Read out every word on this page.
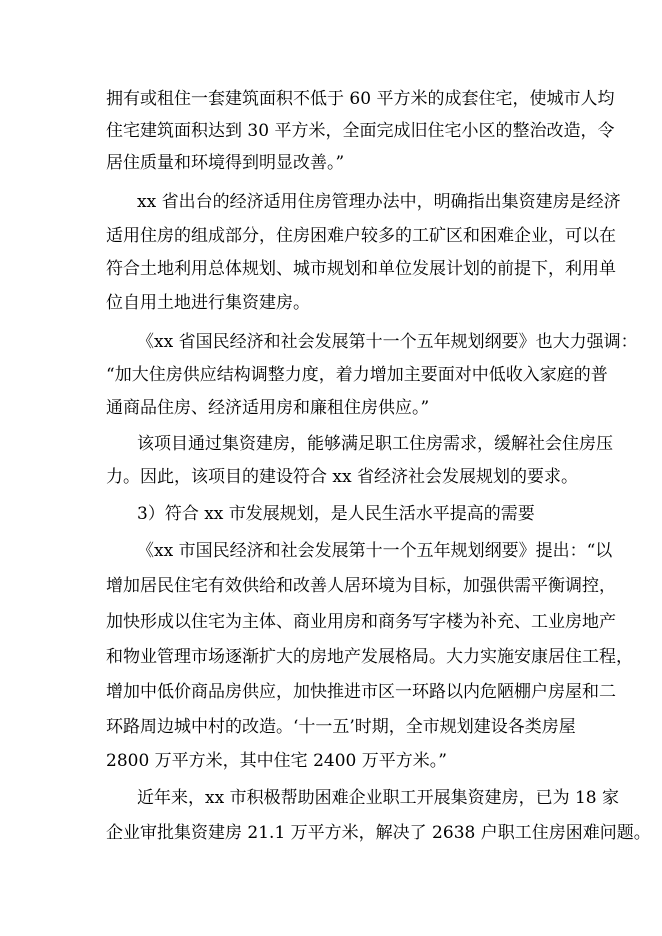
拥有或租住一套建筑面积不低于 60 平方米的成套住宅，使城市人均
住宅建筑面积达到 30 平方米，全面完成旧住宅小区的整治改造，令
居住质量和环境得到明显改善。”
xx 省出台的经济适用住房管理办法中，明确指出集资建房是经济
适用住房的组成部分，住房困难户较多的工矿区和困难企业，可以在
符合土地利用总体规划、城市规划和单位发展计划的前提下，利用单
位自用土地进行集资建房。
《xx 省国民经济和社会发展第十一个五年规划纲要》也大力强调：
“加大住房供应结构调整力度，着力增加主要面对中低收入家庭的普
通商品住房、经济适用房和廉租住房供应。”
该项目通过集资建房，能够满足职工住房需求，缓解社会住房压
力。因此，该项目的建设符合 xx 省经济社会发展规划的要求。
3）符合 xx 市发展规划，是人民生活水平提高的需要
《xx 市国民经济和社会发展第十一个五年规划纲要》提出：“以
增加居民住宅有效供给和改善人居环境为目标，加强供需平衡调控，
加快形成以住宅为主体、商业用房和商务写字楼为补充、工业房地产
和物业管理市场逐渐扩大的房地产发展格局。大力实施安康居住工程，
增加中低价商品房供应，加快推进市区一环路以内危陋棚户房屋和二
环路周边城中村的改造。‘十一五’时期，全市规划建设各类房屋
2800 万平方米，其中住宅 2400 万平方米。”
近年来，xx 市积极帮助困难企业职工开展集资建房，已为 18 家
企业审批集资建房 21.1 万平方米，解决了 2638 户职工住房困难问题。
